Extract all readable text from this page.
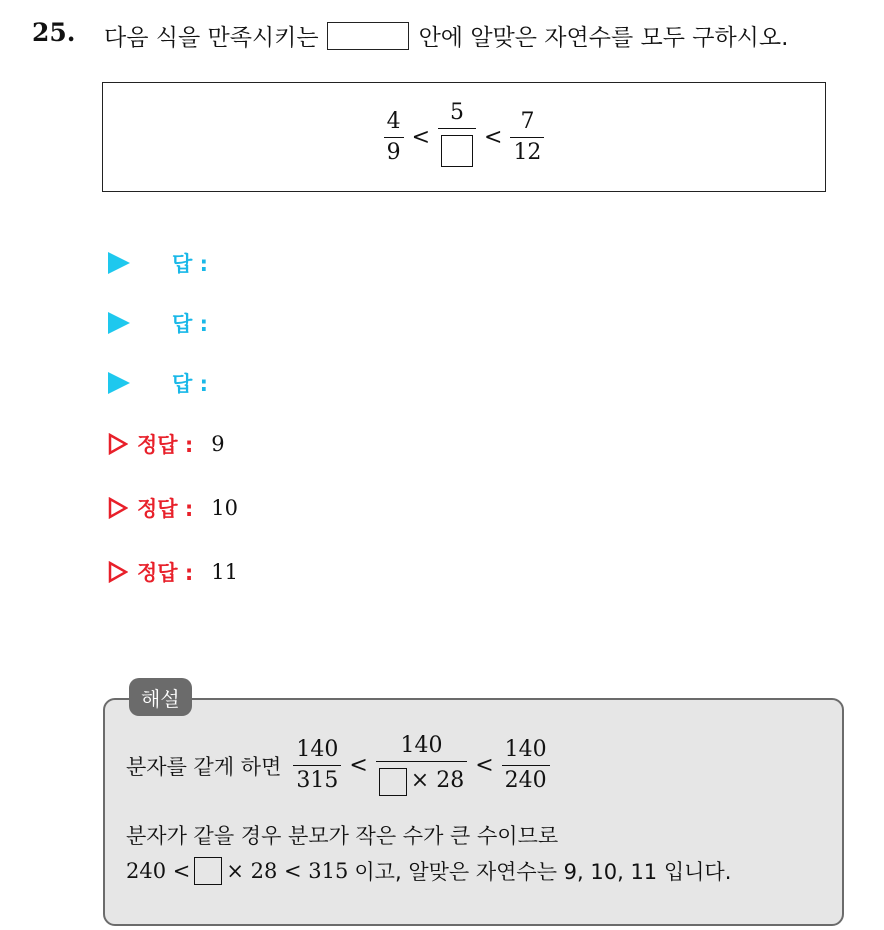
25. 다음 식을 만족시키는	안에 알맞은 자연수를 모두 구하시오.
$\frac{4}{9}$ <
5
< $\frac{7}{12}$
답 :
답 :
답 :
정답 : 9
정답 : 10
정답 : 11
해설
분자를 같게 하면 $\frac{140}{315} < \frac{140}{\times 28} < \frac{140}{240}$
분자가 같을 경우 분모가 작은 수가 큰 수이므로
240 < × 28 < 315 이고, 알맞은 자연수는 9, 10, 11 입니다.
